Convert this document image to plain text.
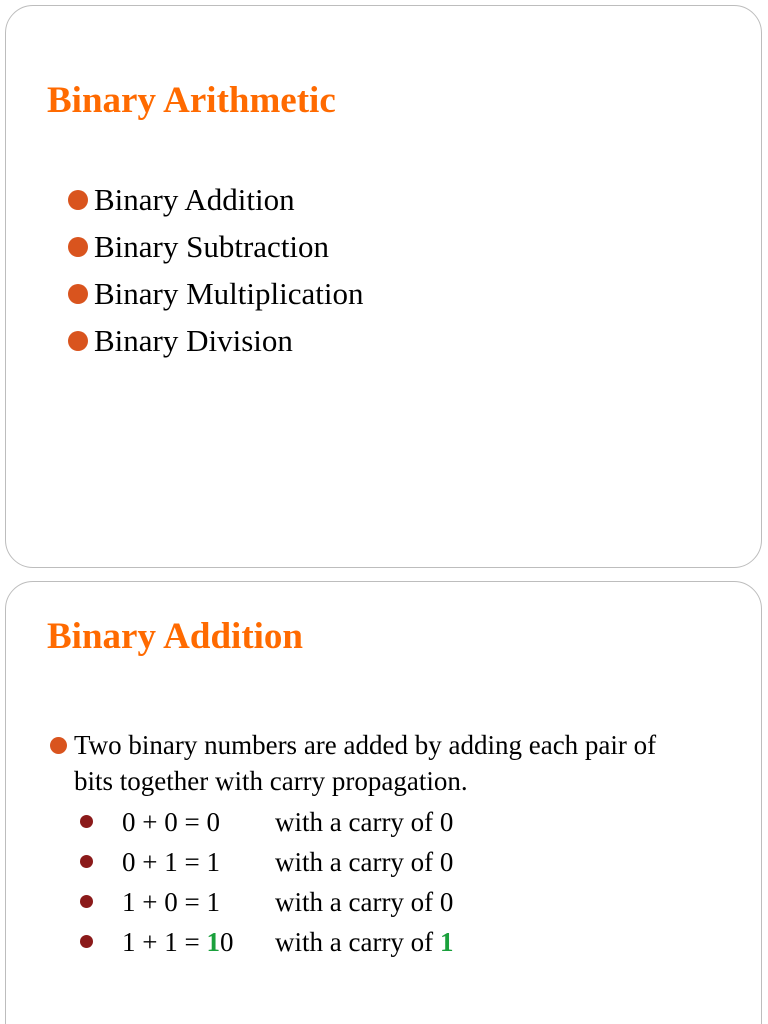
Binary Arithmetic
Binary Addition
Binary Subtraction
Binary Multiplication
Binary Division
Binary Addition
Two binary numbers are added by adding each pair of
bits together with carry propagation.
0 + 0 = 0 with a carry of 0
0 + 1 = 1 with a carry of 0
1 + 0 = 1 with a carry of 0
1 + 1 = 10 with a carry of 1
